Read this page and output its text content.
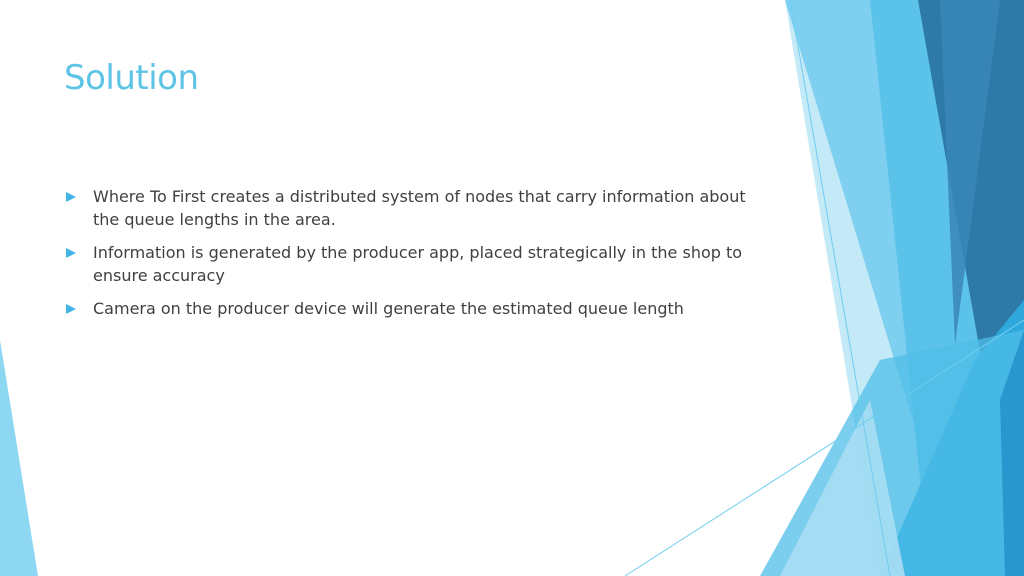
Solution
Where To First creates a distributed system of nodes that carry information about the queue lengths in the area.
Information is generated by the producer app, placed strategically in the shop to ensure accuracy
Camera on the producer device will generate the estimated queue length
